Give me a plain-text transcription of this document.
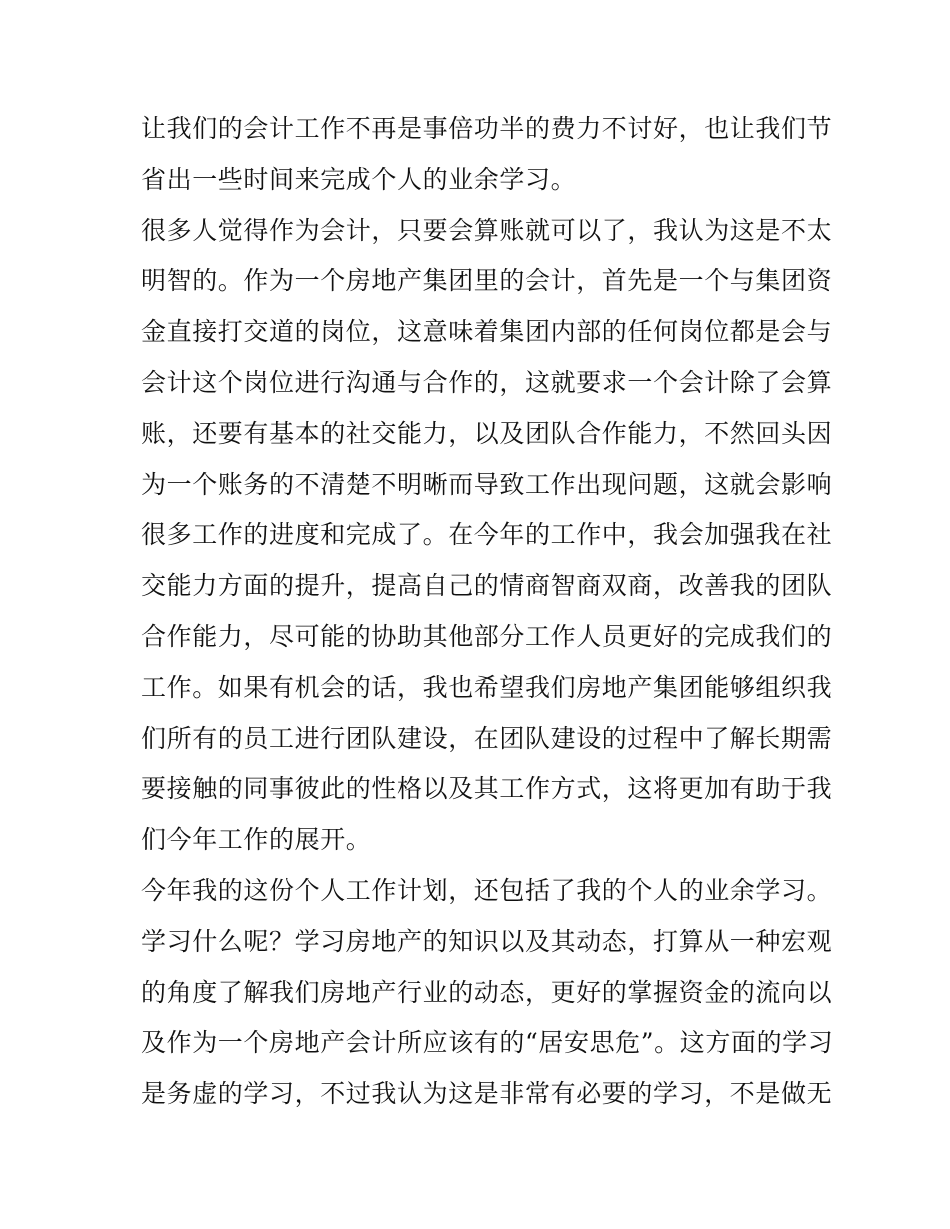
让我们的会计工作不再是事倍功半的费力不讨好，也让我们节
省出一些时间来完成个人的业余学习。
很多人觉得作为会计，只要会算账就可以了，我认为这是不太
明智的。作为一个房地产集团里的会计，首先是一个与集团资
金直接打交道的岗位，这意味着集团内部的任何岗位都是会与
会计这个岗位进行沟通与合作的，这就要求一个会计除了会算
账，还要有基本的社交能力，以及团队合作能力，不然回头因
为一个账务的不清楚不明晰而导致工作出现问题，这就会影响
很多工作的进度和完成了。在今年的工作中，我会加强我在社
交能力方面的提升，提高自己的情商智商双商，改善我的团队
合作能力，尽可能的协助其他部分工作人员更好的完成我们的
工作。如果有机会的话，我也希望我们房地产集团能够组织我
们所有的员工进行团队建设，在团队建设的过程中了解长期需
要接触的同事彼此的性格以及其工作方式，这将更加有助于我
们今年工作的展开。
今年我的这份个人工作计划，还包括了我的个人的业余学习。
学习什么呢？学习房地产的知识以及其动态，打算从一种宏观
的角度了解我们房地产行业的动态，更好的掌握资金的流向以
及作为一个房地产会计所应该有的“居安思危”。这方面的学习
是务虚的学习，不过我认为这是非常有必要的学习，不是做无
